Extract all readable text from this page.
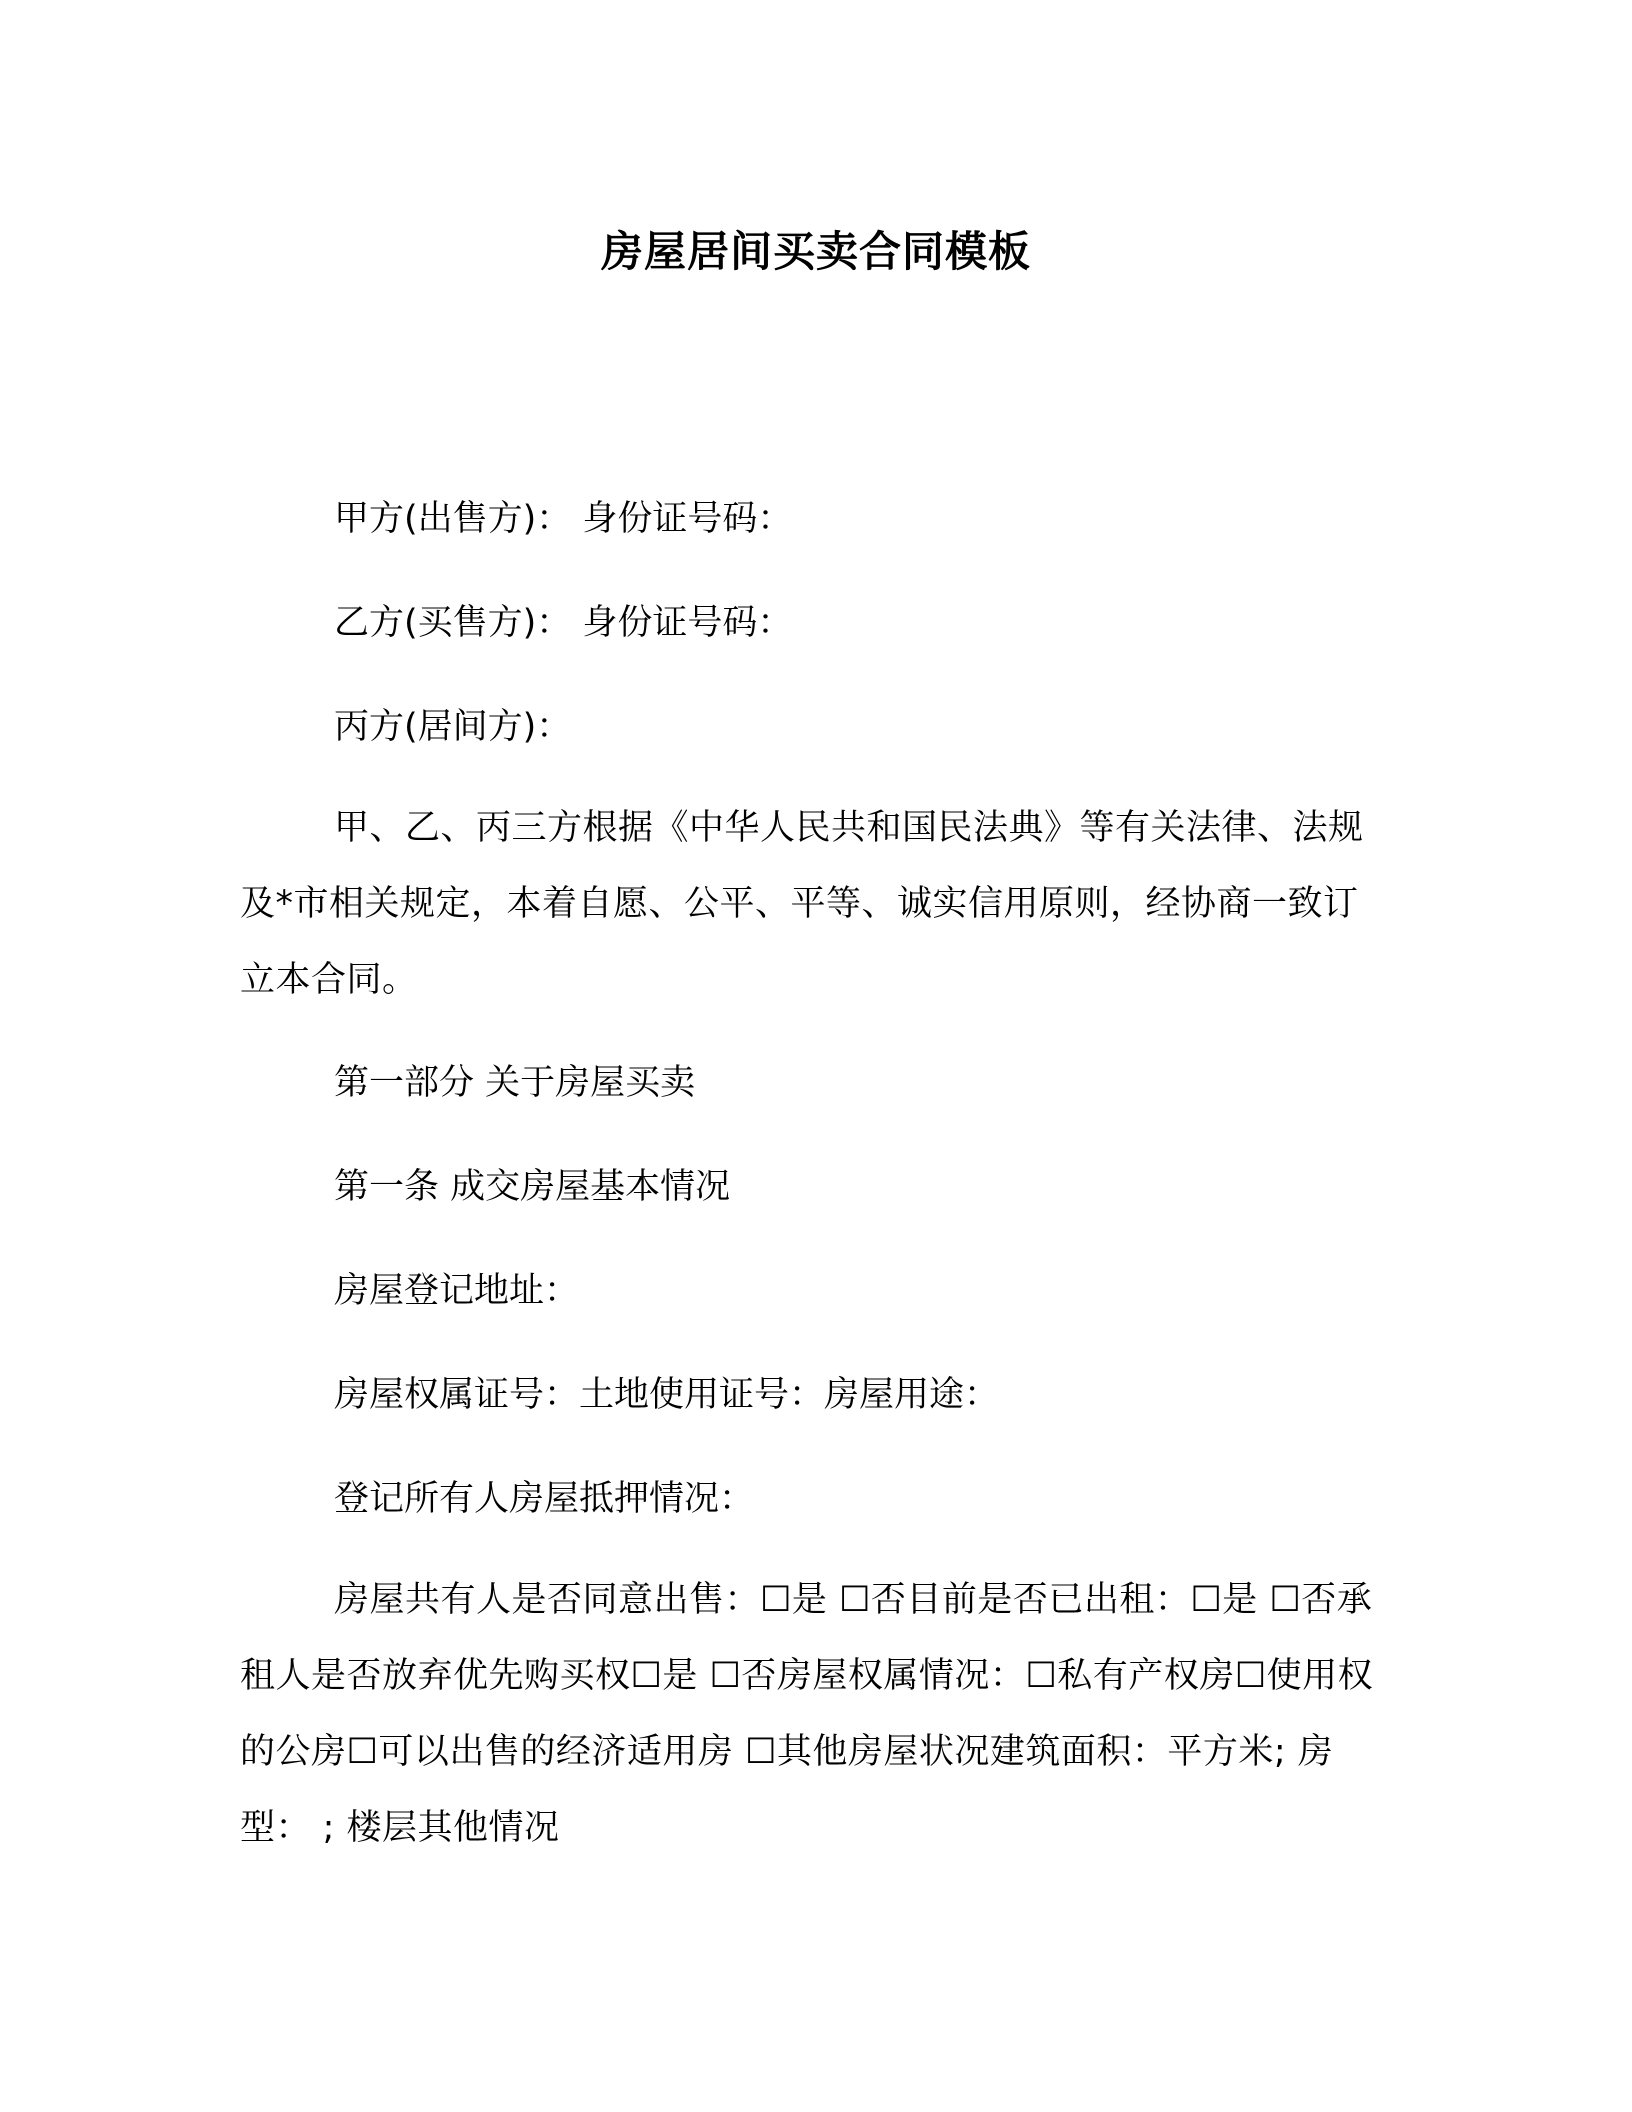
房屋居间买卖合同模板

甲方(出售方)： 身份证号码：

乙方(买售方)： 身份证号码：

丙方(居间方)：

甲、乙、丙三方根据《中华人民共和国民法典》等有关法律、法规及*市相关规定，本着自愿、公平、平等、诚实信用原则，经协商一致订立本合同。

第一部分 关于房屋买卖

第一条 成交房屋基本情况

房屋登记地址：

房屋权属证号：土地使用证号：房屋用途：

登记所有人房屋抵押情况：

房屋共有人是否同意出售：☐是 ☐否目前是否已出租：☐是 ☐否承租人是否放弃优先购买权☐是 ☐否房屋权属情况：☐私有产权房☐使用权的公房☐可以出售的经济适用房 ☐其他房屋状况建筑面积：平方米; 房型： ; 楼层其他情况
